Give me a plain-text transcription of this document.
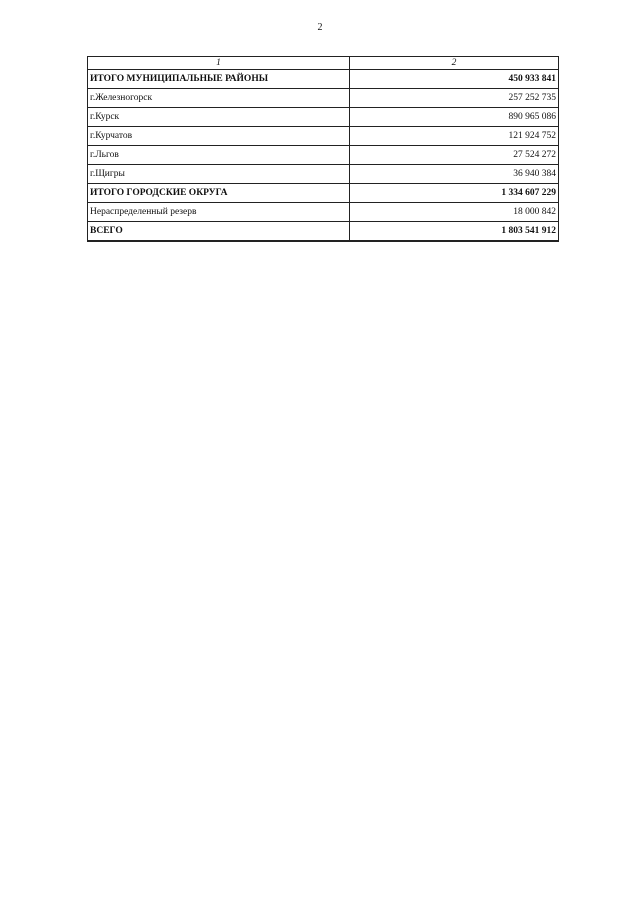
2
1	2
ИТОГО МУНИЦИПАЛЬНЫЕ РАЙОНЫ	450 933 841
г.Железногорск	257 252 735
г.Курск	890 965 086
г.Курчатов	121 924 752
г.Льгов	27 524 272
г.Щигры	36 940 384
ИТОГО ГОРОДСКИЕ ОКРУГА	1 334 607 229
Нераспределенный резерв	18 000 842
ВСЕГО	1 803 541 912
